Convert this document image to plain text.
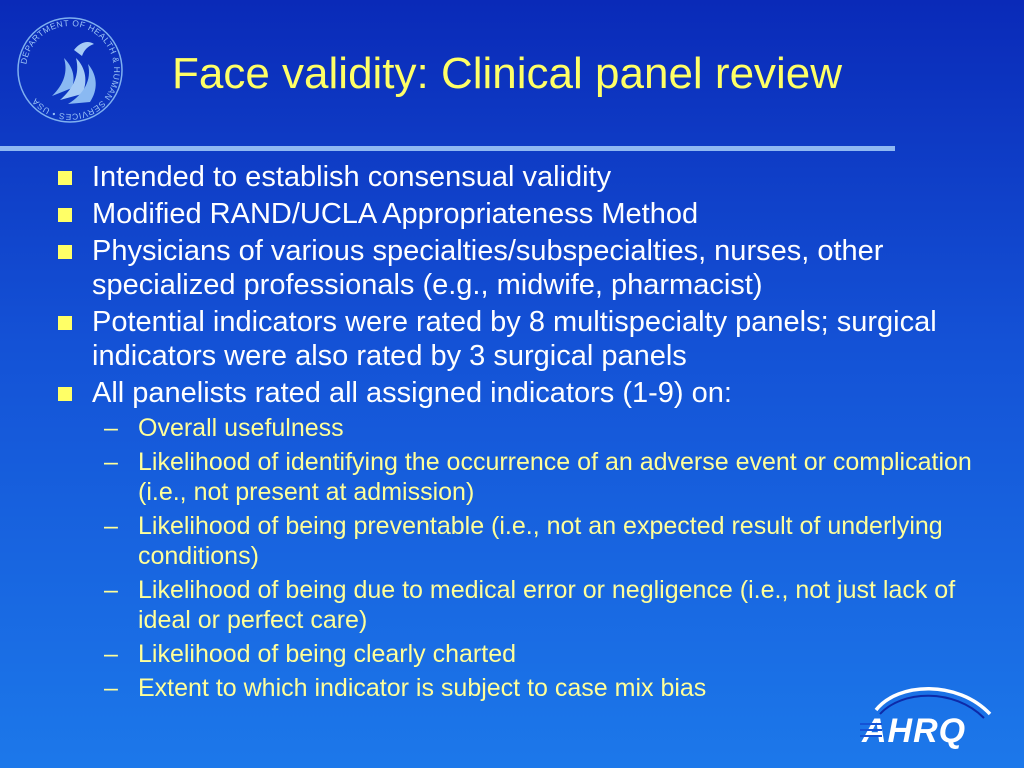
DEPARTMENT OF HEALTH & HUMAN SERVICES • USA
Face validity: Clinical panel review
Intended to establish consensual validity
Modified RAND/UCLA Appropriateness Method
Physicians of various specialties/subspecialties, nurses, other specialized professionals (e.g., midwife, pharmacist)
Potential indicators were rated by 8 multispecialty panels; surgical indicators were also rated by 3 surgical panels
All panelists rated all assigned indicators (1-9) on:
– Overall usefulness
– Likelihood of identifying the occurrence of an adverse event or complication (i.e., not present at admission)
– Likelihood of being preventable (i.e., not an expected result of underlying conditions)
– Likelihood of being due to medical error or negligence (i.e., not just lack of ideal or perfect care)
– Likelihood of being clearly charted
– Extent to which indicator is subject to case mix bias
AHRQ
